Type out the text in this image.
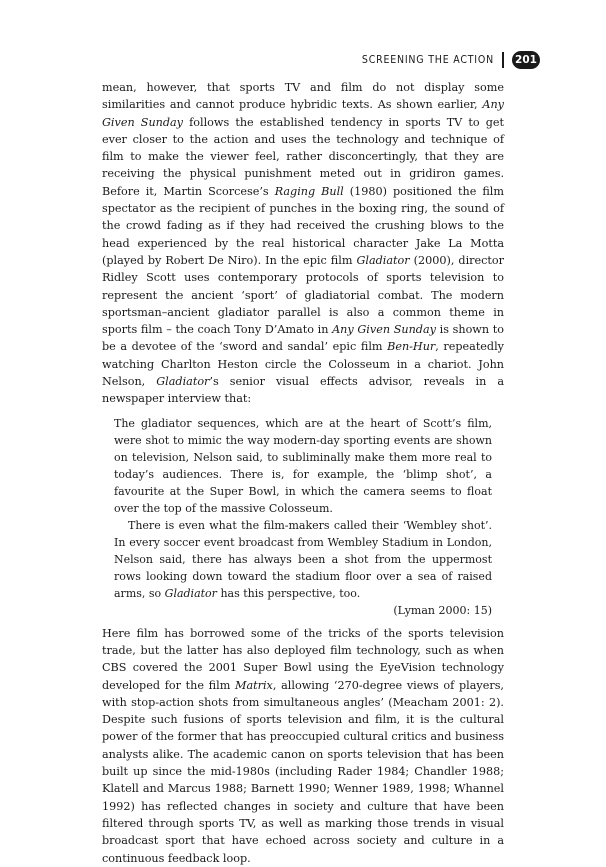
SCREENING THE ACTION 201

mean, however, that sports TV and film do not display some similarities and cannot produce hybridic texts. As shown earlier, Any Given Sunday follows the established tendency in sports TV to get ever closer to the action and uses the technology and technique of film to make the viewer feel, rather disconcertingly, that they are receiving the physical punishment meted out in gridiron games. Before it, Martin Scorcese’s Raging Bull (1980) positioned the film spectator as the recipient of punches in the boxing ring, the sound of the crowd fading as if they had received the crushing blows to the head experienced by the real historical character Jake La Motta (played by Robert De Niro). In the epic film Gladiator (2000), director Ridley Scott uses contemporary protocols of sports television to represent the ancient ‘sport’ of gladiatorial combat. The modern sportsman–ancient gladiator parallel is also a common theme in sports film – the coach Tony D’Amato in Any Given Sunday is shown to be a devotee of the ‘sword and sandal’ epic film Ben-Hur, repeatedly watching Charlton Heston circle the Colosseum in a chariot. John Nelson, Gladiator’s senior visual effects advisor, reveals in a newspaper interview that:

The gladiator sequences, which are at the heart of Scott’s film, were shot to mimic the way modern-day sporting events are shown on television, Nelson said, to subliminally make them more real to today’s audiences. There is, for example, the ‘blimp shot’, a favourite at the Super Bowl, in which the camera seems to float over the top of the massive Colosseum.

There is even what the film-makers called their ‘Wembley shot’. In every soccer event broadcast from Wembley Stadium in London, Nelson said, there has always been a shot from the uppermost rows looking down toward the stadium floor over a sea of raised arms, so Gladiator has this perspective, too.

(Lyman 2000: 15)

Here film has borrowed some of the tricks of the sports television trade, but the latter has also deployed film technology, such as when CBS covered the 2001 Super Bowl using the EyeVision technology developed for the film Matrix, allowing ‘270-degree views of players, with stop-action shots from simultaneous angles’ (Meacham 2001: 2). Despite such fusions of sports television and film, it is the cultural power of the former that has preoccupied cultural critics and business analysts alike. The academic canon on sports television that has been built up since the mid-1980s (including Rader 1984; Chandler 1988; Klatell and Marcus 1988; Barnett 1990; Wenner 1989, 1998; Whannel 1992) has reflected changes in society and culture that have been filtered through sports TV, as well as marking those trends in visual broadcast sport that have echoed across society and culture in a continuous feedback loop.
